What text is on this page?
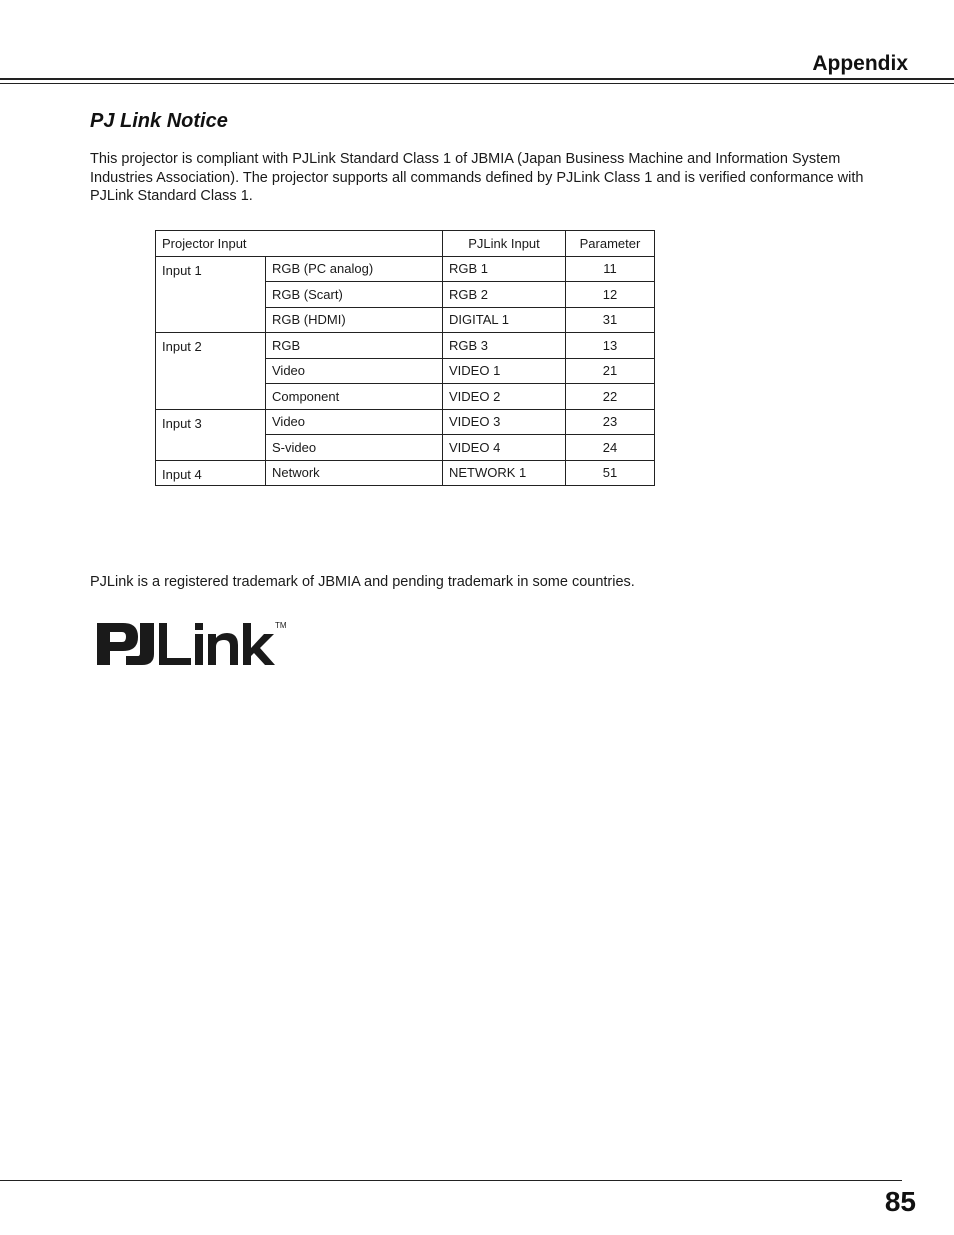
Appendix
PJ Link Notice

This projector is compliant with PJLink Standard Class 1 of JBMIA (Japan Business Machine and Information System Industries Association). The projector supports all commands defined by PJLink Class 1 and is verified conformance with PJLink Standard Class 1.

Projector Input		PJLink Input	Parameter
Input 1	RGB (PC analog)	RGB 1	11
	RGB (Scart)	RGB 2	12
	RGB (HDMI)	DIGITAL 1	31
Input 2	RGB	RGB 3	13
	Video	VIDEO 1	21
	Component	VIDEO 2	22
Input 3	Video	VIDEO 3	23
	S-video	VIDEO 4	24
Input 4	Network	NETWORK 1	51

PJLink is a registered trademark of JBMIA and pending trademark in some countries.

TM
85
